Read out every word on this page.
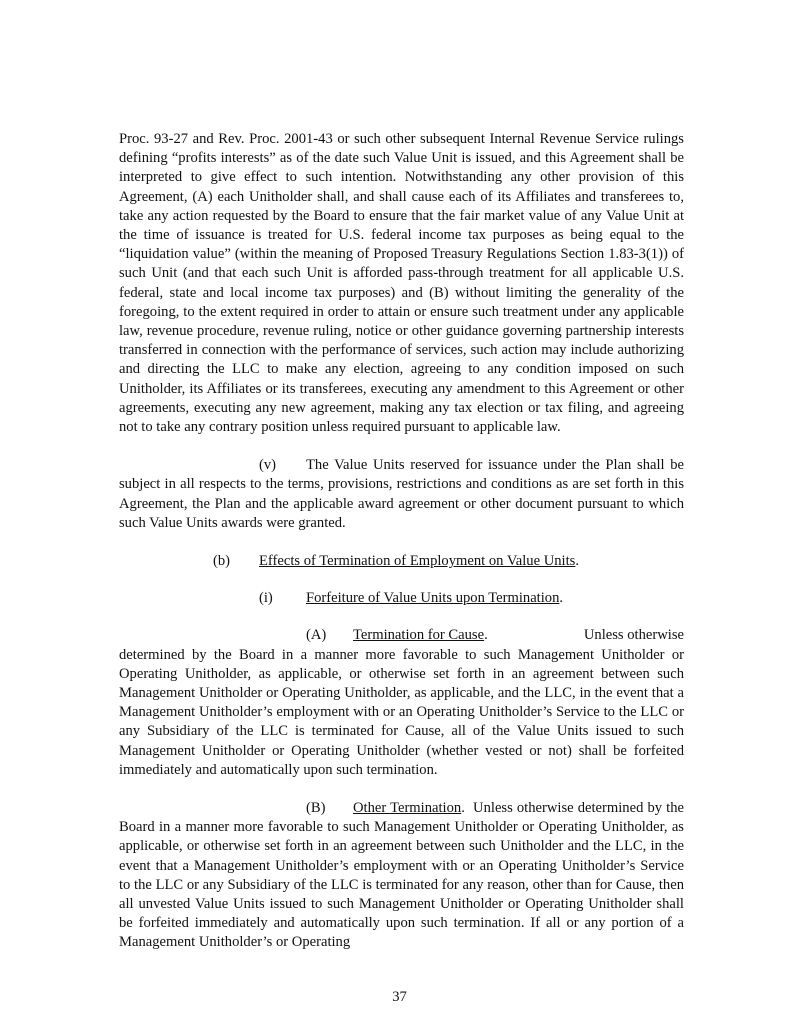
Proc. 93-27 and Rev. Proc. 2001-43 or such other subsequent Internal Revenue Service rulings defining “profits interests” as of the date such Value Unit is issued, and this Agreement shall be interpreted to give effect to such intention. Notwithstanding any other provision of this Agreement, (A) each Unitholder shall, and shall cause each of its Affiliates and transferees to, take any action requested by the Board to ensure that the fair market value of any Value Unit at the time of issuance is treated for U.S. federal income tax purposes as being equal to the “liquidation value” (within the meaning of Proposed Treasury Regulations Section 1.83-3(1)) of such Unit (and that each such Unit is afforded pass-through treatment for all applicable U.S. federal, state and local income tax purposes) and (B) without limiting the generality of the foregoing, to the extent required in order to attain or ensure such treatment under any applicable law, revenue procedure, revenue ruling, notice or other guidance governing partnership interests transferred in connection with the performance of services, such action may include authorizing and directing the LLC to make any election, agreeing to any condition imposed on such Unitholder, its Affiliates or its transferees, executing any amendment to this Agreement or other agreements, executing any new agreement, making any tax election or tax filing, and agreeing not to take any contrary position unless required pursuant to applicable law.

(v) The Value Units reserved for issuance under the Plan shall be subject in all respects to the terms, provisions, restrictions and conditions as are set forth in this Agreement, the Plan and the applicable award agreement or other document pursuant to which such Value Units awards were granted.

(b) Effects of Termination of Employment on Value Units.
(i) Forfeiture of Value Units upon Termination.

(A) Termination for Cause.	Unless otherwise

determined by the Board in a manner more favorable to such Management Unitholder or Operating Unitholder, as applicable, or otherwise set forth in an agreement between such Management Unitholder or Operating Unitholder, as applicable, and the LLC, in the event that a Management Unitholder’s employment with or an Operating Unitholder’s Service to the LLC or any Subsidiary of the LLC is terminated for Cause, all of the Value Units issued to such Management Unitholder or Operating Unitholder (whether vested or not) shall be forfeited immediately and automatically upon such termination.

(B) Other Termination.  Unless otherwise determined by the Board in a manner more favorable to such Management Unitholder or Operating Unitholder, as applicable, or otherwise set forth in an agreement between such Unitholder and the LLC, in the event that a Management Unitholder’s employment with or an Operating Unitholder’s Service to the LLC or any Subsidiary of the LLC is terminated for any reason, other than for Cause, then all unvested Value Units issued to such Management Unitholder or Operating Unitholder shall be forfeited immediately and automatically upon such termination. If all or any portion of a Management Unitholder’s or Operating

37
